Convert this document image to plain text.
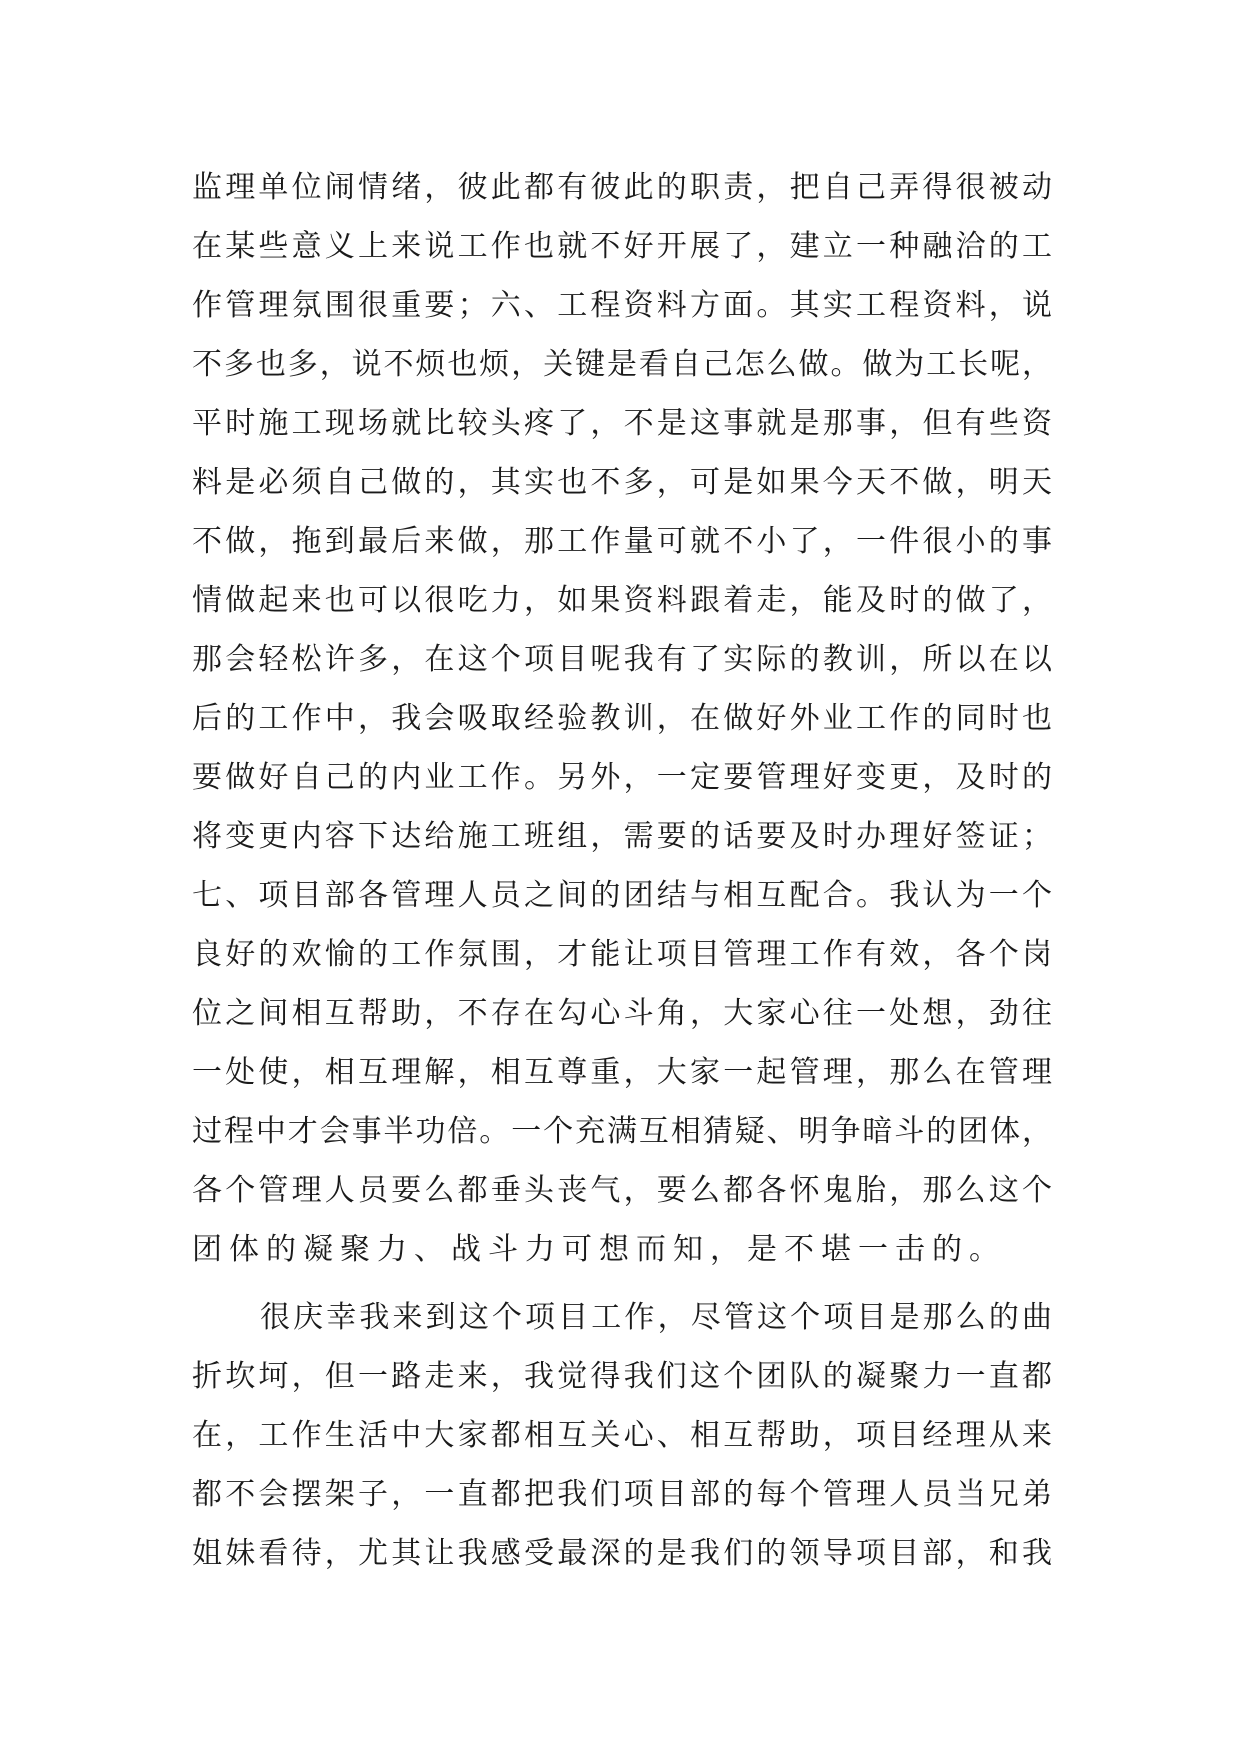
监理单位闹情绪，彼此都有彼此的职责，把自己弄得很被动
在某些意义上来说工作也就不好开展了，建立一种融洽的工
作管理氛围很重要；六、工程资料方面。其实工程资料，说
不多也多，说不烦也烦，关键是看自己怎么做。做为工长呢，
平时施工现场就比较头疼了，不是这事就是那事，但有些资
料是必须自己做的，其实也不多，可是如果今天不做，明天
不做，拖到最后来做，那工作量可就不小了，一件很小的事
情做起来也可以很吃力，如果资料跟着走，能及时的做了，
那会轻松许多，在这个项目呢我有了实际的教训，所以在以
后的工作中，我会吸取经验教训，在做好外业工作的同时也
要做好自己的内业工作。另外，一定要管理好变更，及时的
将变更内容下达给施工班组，需要的话要及时办理好签证；
七、项目部各管理人员之间的团结与相互配合。我认为一个
良好的欢愉的工作氛围，才能让项目管理工作有效，各个岗
位之间相互帮助，不存在勾心斗角，大家心往一处想，劲往
一处使，相互理解，相互尊重，大家一起管理，那么在管理
过程中才会事半功倍。一个充满互相猜疑、明争暗斗的团体，
各个管理人员要么都垂头丧气，要么都各怀鬼胎，那么这个
团体的凝聚力、战斗力可想而知，是不堪一击的。
很庆幸我来到这个项目工作，尽管这个项目是那么的曲
折坎坷，但一路走来，我觉得我们这个团队的凝聚力一直都
在，工作生活中大家都相互关心、相互帮助，项目经理从来
都不会摆架子，一直都把我们项目部的每个管理人员当兄弟
姐妹看待，尤其让我感受最深的是我们的领导项目部，和我
